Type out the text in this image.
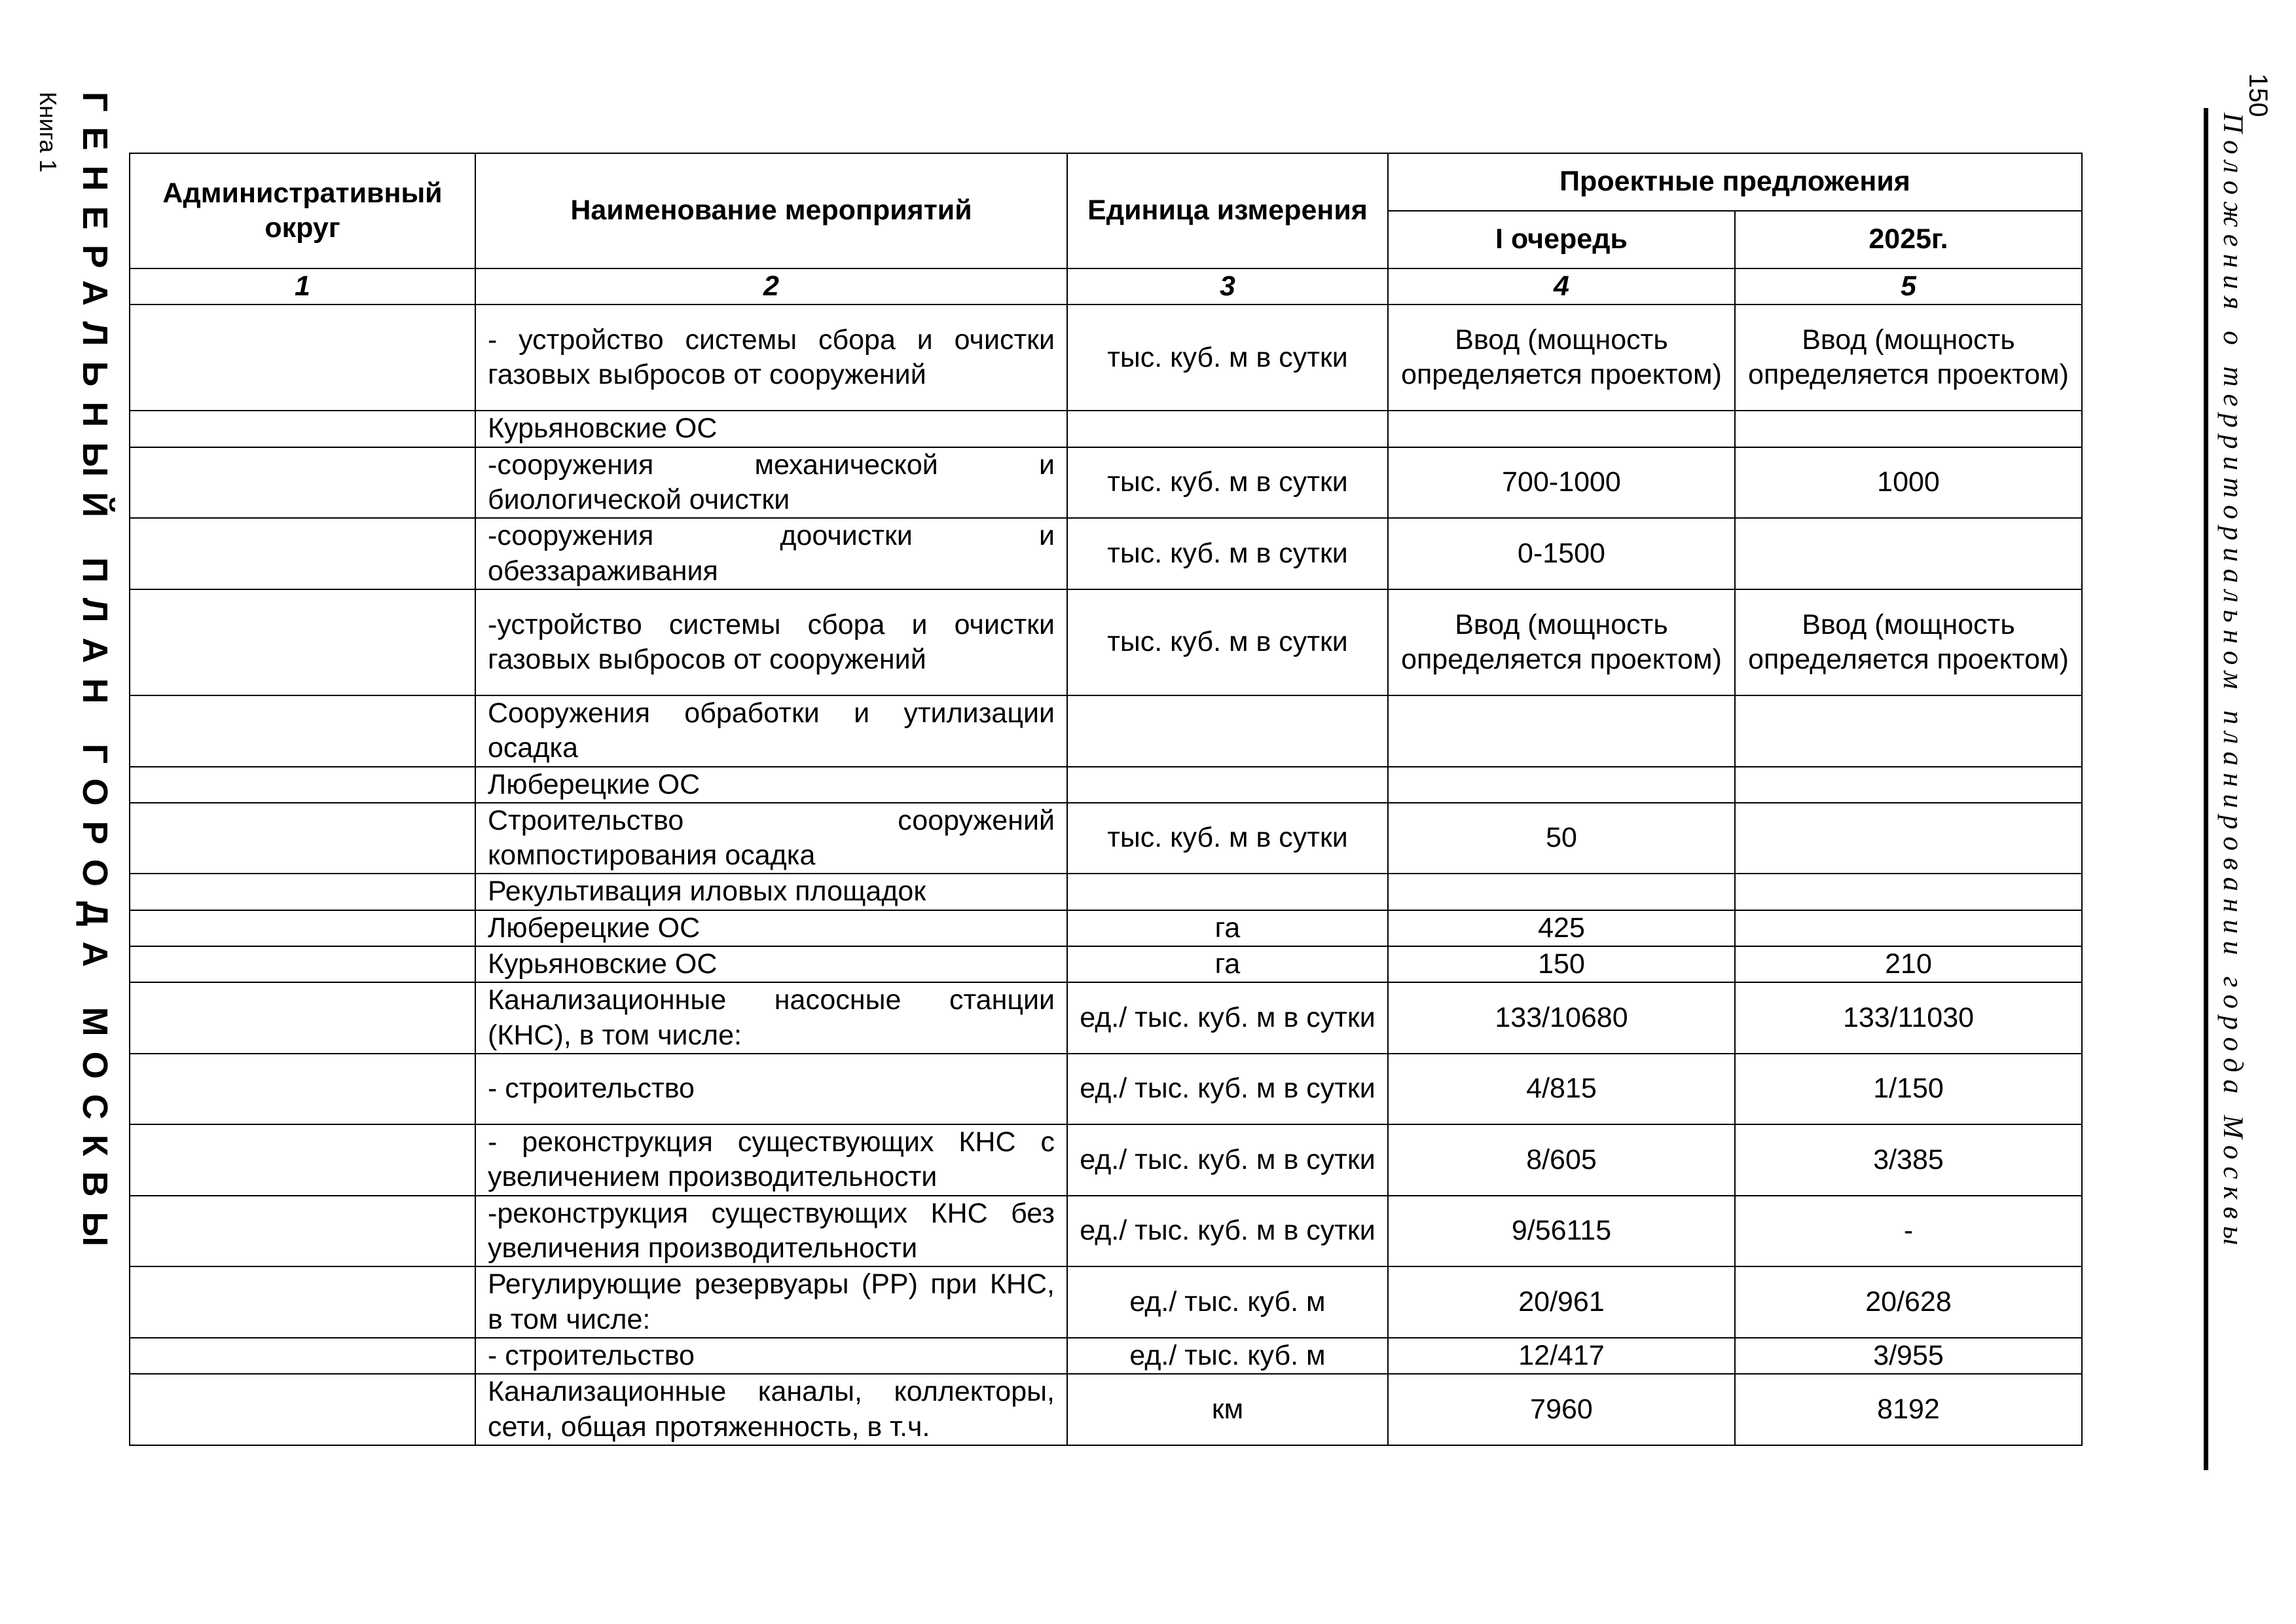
ГЕНЕРАЛЬНЫЙ ПЛАН ГОРОДА МОСКВЫ
Книга 1	150
Положения о территориальном планировании города Москвы
Административный округ	Наименование мероприятий	Единица измерения	Проектные предложения	
			I очередь	2025г.
1	2	3	4	5
	- устройство системы сбора и очистки газовых выбросов от сооружений	тыс. куб. м в сутки	Ввод (мощность определяется проектом)	Ввод (мощность определяется проектом)
	Курьяновские ОС			
	-сооружения механической и биологической очистки	тыс. куб. м в сутки	700-1000	1000
	-сооружения доочистки и обеззараживания	тыс. куб. м в сутки	0-1500	
	-устройство системы сбора и очистки газовых выбросов от сооружений	тыс. куб. м в сутки	Ввод (мощность определяется проектом)	Ввод (мощность определяется проектом)
	Сооружения обработки и утилизации осадка			
	Люберецкие ОС			
	Строительство сооружений компостирования осадка	тыс. куб. м в сутки	50	
	Рекультивация иловых площадок			
	Люберецкие ОС	га	425	
	Курьяновские ОС	га	150	210
	Канализационные насосные станции (КНС), в том числе:	ед./ тыс. куб. м в сутки	133/10680	133/11030
	- строительство	ед./ тыс. куб. м в сутки	4/815	1/150
	- реконструкция существующих КНС с увеличением производительности	ед./ тыс. куб. м в сутки	8/605	3/385
	-реконструкция существующих КНС без увеличения производительности	ед./ тыс. куб. м в сутки	9/56115	-
	Регулирующие резервуары (РР) при КНС, в том числе:	ед./ тыс. куб. м	20/961	20/628
	- строительство	ед./ тыс. куб. м	12/417	3/955
	Канализационные каналы, коллекторы, сети, общая протяженность, в т.ч.	км	7960	8192
